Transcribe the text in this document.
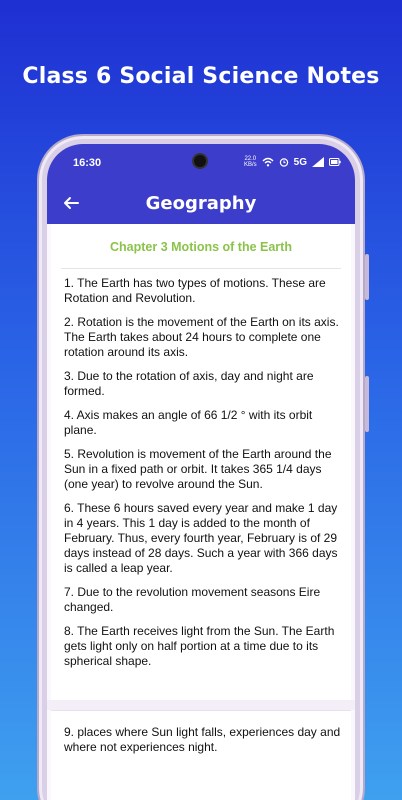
Class 6 Social Science Notes
16:30	22.0
KB/s	5G
Geography
Chapter 3 Motions of the Earth

1. The Earth has two types of motions. These are Rotation and Revolution.

2. Rotation is the movement of the Earth on its axis. The Earth takes about 24 hours to complete one rotation around its axis.

3. Due to the rotation of axis, day and night are formed.

4. Axis makes an angle of 66 1/2 ° with its orbit plane.

5. Revolution is movement of the Earth around the Sun in a fixed path or orbit. It takes 365 1/4 days (one year) to revolve around the Sun.

6. These 6 hours saved every year and make 1 day in 4 years. This 1 day is added to the month of February. Thus, every fourth year, February is of 29 days instead of 28 days. Such a year with 366 days is called a leap year.

7. Due to the revolution movement seasons Eire changed.

8. The Earth receives light from the Sun. The Earth gets light only on half portion at a time due to its spherical shape.

9. places where Sun light falls, experiences day and where not experiences night.
